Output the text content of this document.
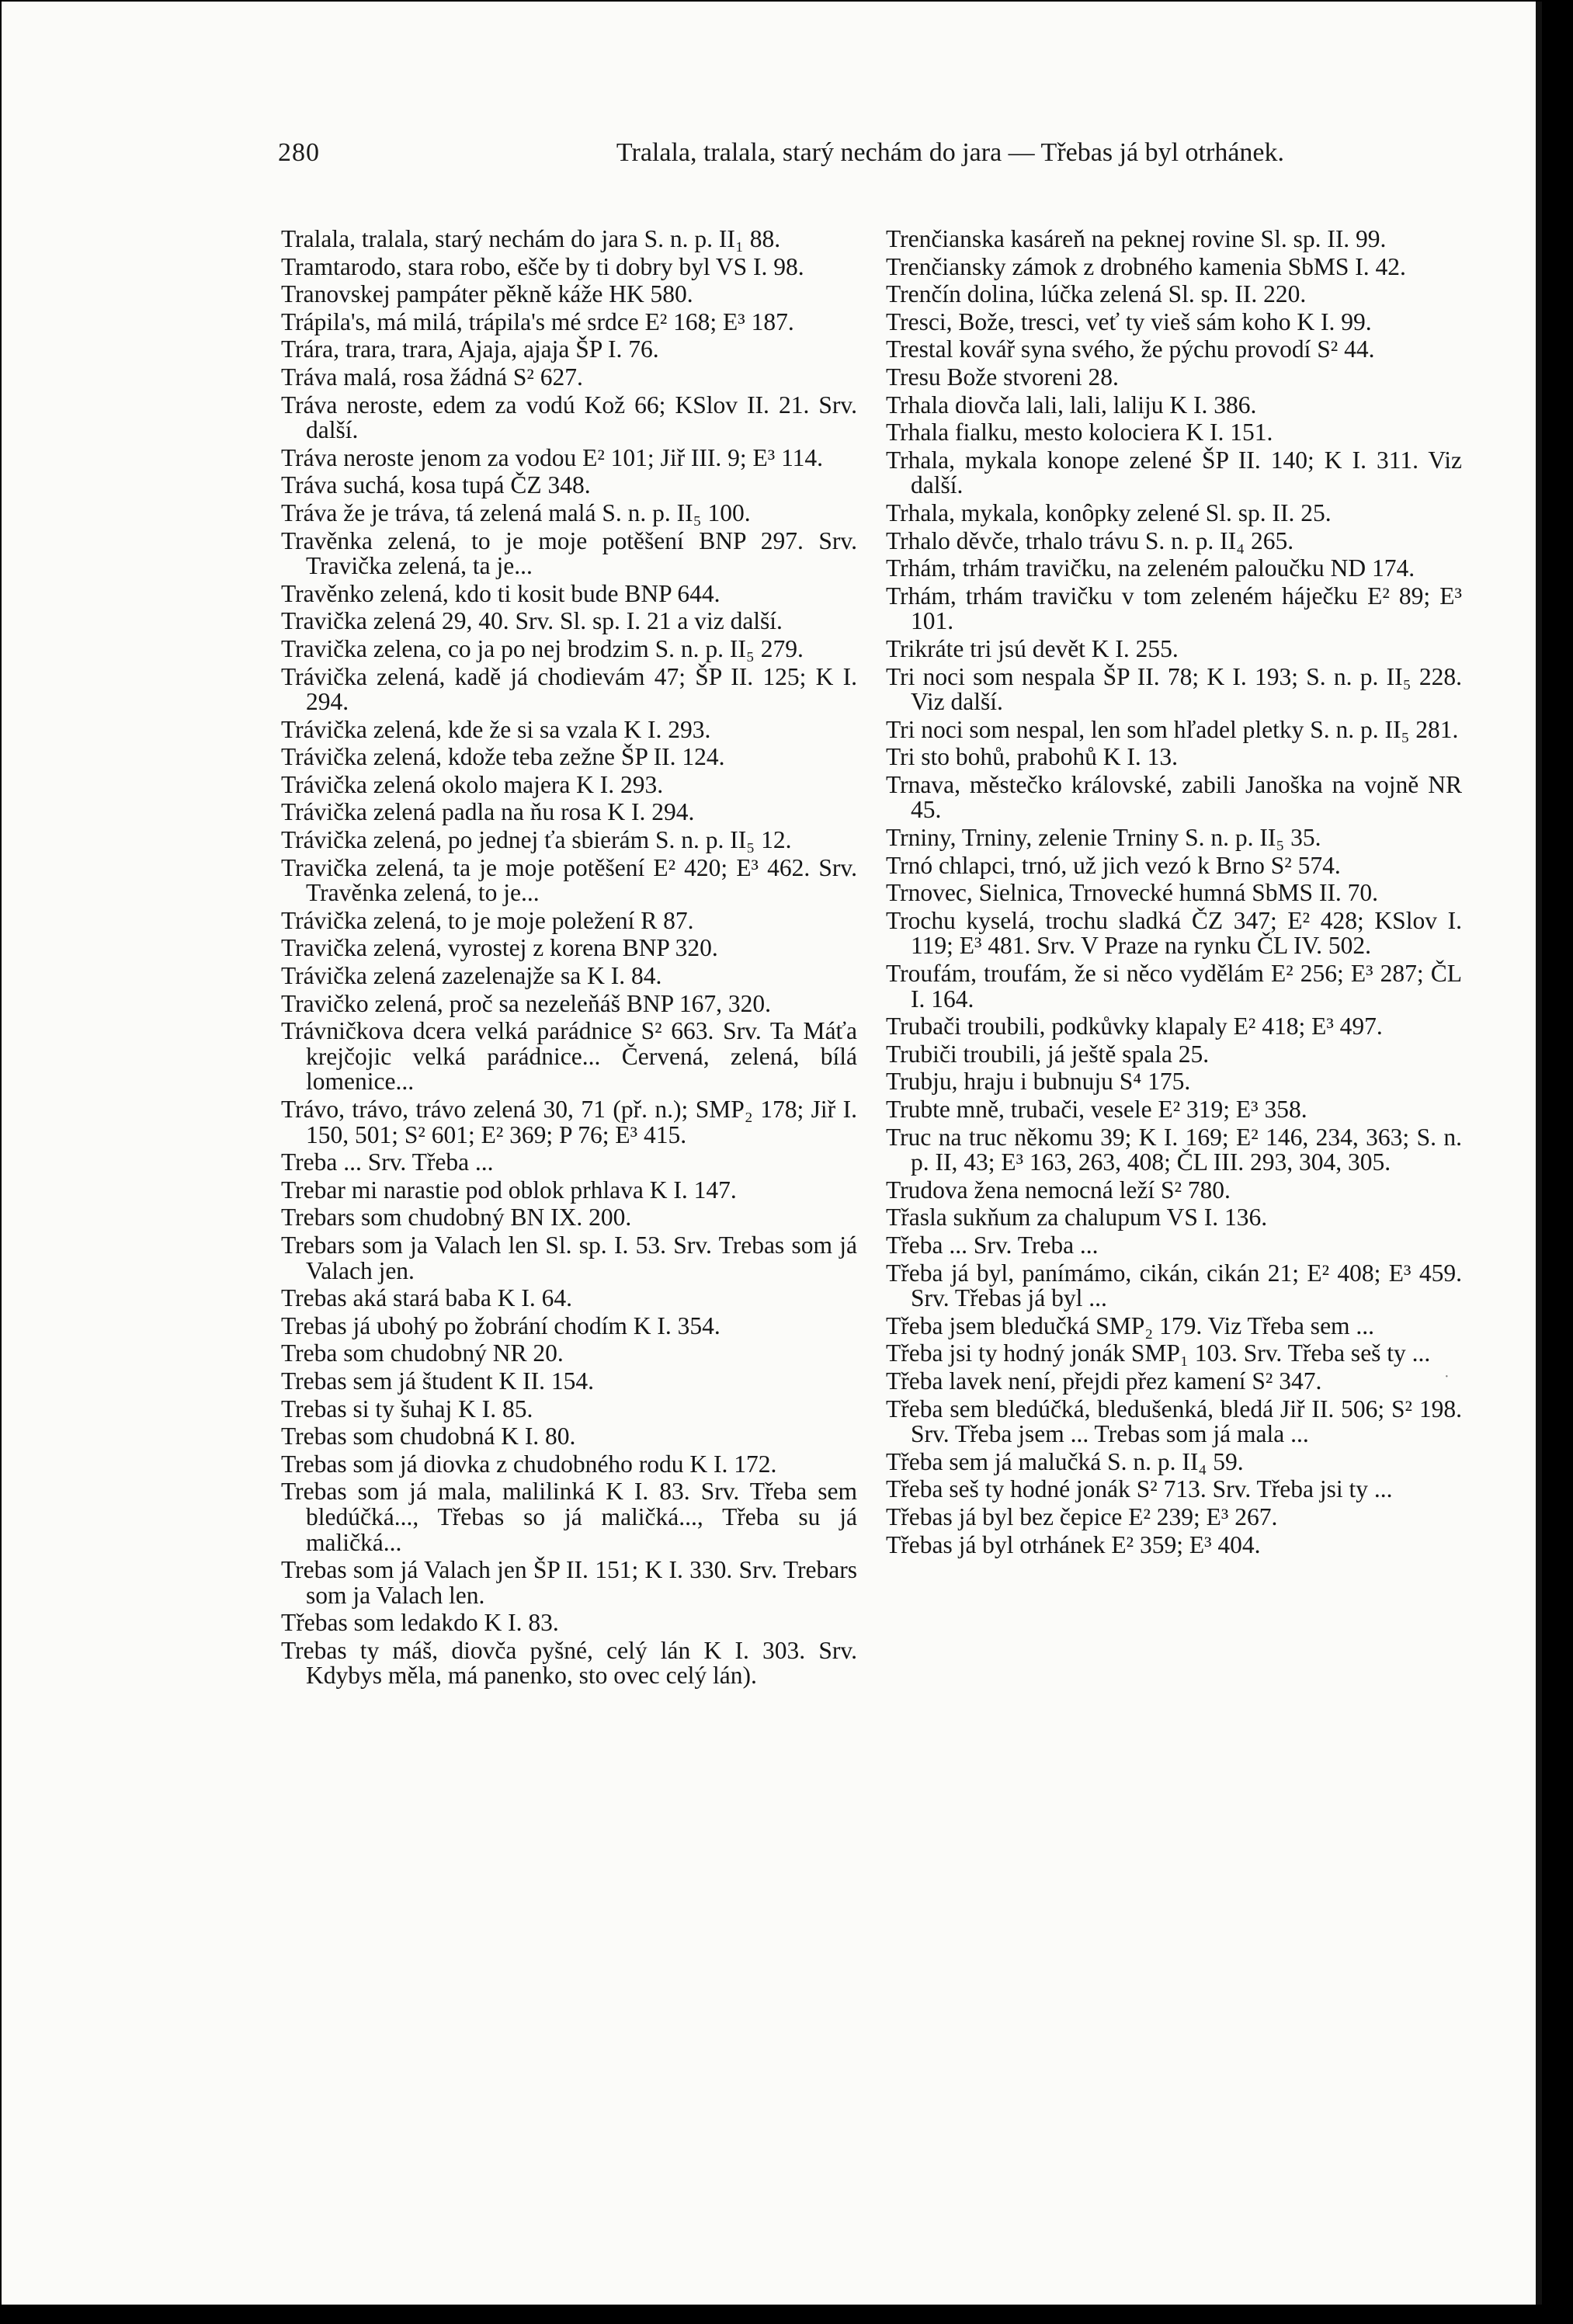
280	Tralala, tralala, starý nechám do jara — Třebas já byl otrhánek.

Tralala, tralala, starý nechám do jara S. n. p. II₁ 88.

Tramtarodo, stara robo, ešče by ti dobry byl VS I. 98.

Tranovskej pampáter pěkně káže HK 580.

Trápila's, má milá, trápila's mé srdce E² 168; E³ 187.

Trára, trara, trara, Ajaja, ajaja ŠP I. 76.

Tráva malá, rosa žádná S² 627.

Tráva neroste, edem za vodú Kož 66; KSlov II. 21. Srv. další.

Tráva neroste jenom za vodou E² 101; Jiř III. 9; E³ 114.

Tráva suchá, kosa tupá ČZ 348.

Tráva že je tráva, tá zelená malá S. n. p. II₅ 100.

Travěnka zelená, to je moje potěšení BNP 297. Srv. Travička zelená, ta je...

Travěnko zelená, kdo ti kosit bude BNP 644.

Travička zelená 29, 40. Srv. Sl. sp. I. 21 a viz další.

Travička zelena, co ja po nej brodzim S. n. p. II₅ 279.

Trávička zelená, kadě já chodievám 47; ŠP II. 125; K I. 294.

Trávička zelená, kde že si sa vzala K I. 293.

Trávička zelená, kdože teba zežne ŠP II. 124.

Trávička zelená okolo majera K I. 293.

Trávička zelená padla na ňu rosa K I. 294.

Trávička zelená, po jednej ťa sbierám S. n. p. II₅ 12.

Travička zelená, ta je moje potěšení E² 420; E³ 462. Srv. Travěnka zelená, to je...

Trávička zelená, to je moje poležení R 87.

Travička zelená, vyrostej z korena BNP 320.

Trávička zelená zazelenajže sa K I. 84.

Travičko zelená, proč sa nezeleňáš BNP 167, 320.

Trávničkova dcera velká parádnice S² 663. Srv. Ta Máťa krejčojic velká parádnice... Červená, zelená, bílá lomenice...

Trávo, trávo, trávo zelená 30, 71 (př. n.); SMP₂ 178; Jiř I. 150, 501; S² 601; E² 369; P 76; E³ 415.

Treba ... Srv. Třeba ...

Trebar mi narastie pod oblok prhlava K I. 147.

Trebars som chudobný BN IX. 200.

Trebars som ja Valach len Sl. sp. I. 53. Srv. Trebas som já Valach jen.

Trebas aká stará baba K I. 64.

Trebas já ubohý po žobrání chodím K I. 354.

Treba som chudobný NR 20.

Trebas sem já študent K II. 154.

Trebas si ty šuhaj K I. 85.

Trebas som chudobná K I. 80.

Trebas som já diovka z chudobného rodu K I. 172.

Trebas som já mala, malilinká K I. 83. Srv. Třeba sem bledúčká..., Třebas so já maličká..., Třeba su já maličká...

Trebas som já Valach jen ŠP II. 151; K I. 330. Srv. Trebars som ja Valach len.

Třebas som ledakdo K I. 83.

Trebas ty máš, diovča pyšné, celý lán K I. 303. Srv. Kdybys měla, má panenko, sto ovec celý lán).

Trenčianska kasáreň na peknej rovine Sl. sp. II. 99.

Trenčiansky zámok z drobného kamenia SbMS I. 42.

Trenčín dolina, lúčka zelená Sl. sp. II. 220.

Tresci, Bože, tresci, veť ty vieš sám koho K I. 99.

Trestal kovář syna svého, že pýchu provodí S² 44.

Tresu Bože stvoreni 28.

Trhala diovča lali, lali, laliju K I. 386.

Trhala fialku, mesto kolociera K I. 151.

Trhala, mykala konope zelené ŠP II. 140; K I. 311. Viz další.

Trhala, mykala, konôpky zelené Sl. sp. II. 25.

Trhalo děvče, trhalo trávu S. n. p. II₄ 265.

Trhám, trhám travičku, na zeleném paloučku ND 174.

Trhám, trhám travičku v tom zeleném háječku E² 89; E³ 101.

Trikráte tri jsú devět K I. 255.

Tri noci som nespala ŠP II. 78; K I. 193; S. n. p. II₅ 228. Viz další.

Tri noci som nespal, len som hľadel pletky S. n. p. II₅ 281.

Tri sto bohů, prabohů K I. 13.

Trnava, městečko královské, zabili Janoška na vojně NR 45.

Trniny, Trniny, zelenie Trniny S. n. p. II₅ 35.

Trnó chlapci, trnó, už jich vezó k Brno S² 574.

Trnovec, Sielnica, Trnovecké humná SbMS II. 70.

Trochu kyselá, trochu sladká ČZ 347; E² 428; KSlov I. 119; E³ 481. Srv. V Praze na rynku ČL IV. 502.

Troufám, troufám, že si něco vydělám E² 256; E³ 287; ČL I. 164.

Trubači troubili, podkůvky klapaly E² 418; E³ 497.

Trubiči troubili, já ještě spala 25.

Trubju, hraju i bubnuju S⁴ 175.

Trubte mně, trubači, vesele E² 319; E³ 358.

Truc na truc někomu 39; K I. 169; E² 146, 234, 363; S. n. p. II, 43; E³ 163, 263, 408; ČL III. 293, 304, 305.

Trudova žena nemocná leží S² 780.

Třasla sukňum za chalupum VS I. 136.

Třeba ... Srv. Treba ...

Třeba já byl, panímámo, cikán, cikán 21; E² 408; E³ 459. Srv. Třebas já byl ...

Třeba jsem bledučká SMP₂ 179. Viz Třeba sem ...

Třeba jsi ty hodný jonák SMP₁ 103. Srv. Třeba seš ty ...

Třeba lavek není, přejdi přez kamení S² 347.

Třeba sem bledúčká, bledušenká, bledá Jiř II. 506; S² 198. Srv. Třeba jsem ... Trebas som já mala ...

Třeba sem já malučká S. n. p. II₄ 59.

Třeba seš ty hodné jonák S² 713. Srv. Třeba jsi ty ...

Třebas já byl bez čepice E² 239; E³ 267.

Třebas já byl otrhánek E² 359; E³ 404.

·
